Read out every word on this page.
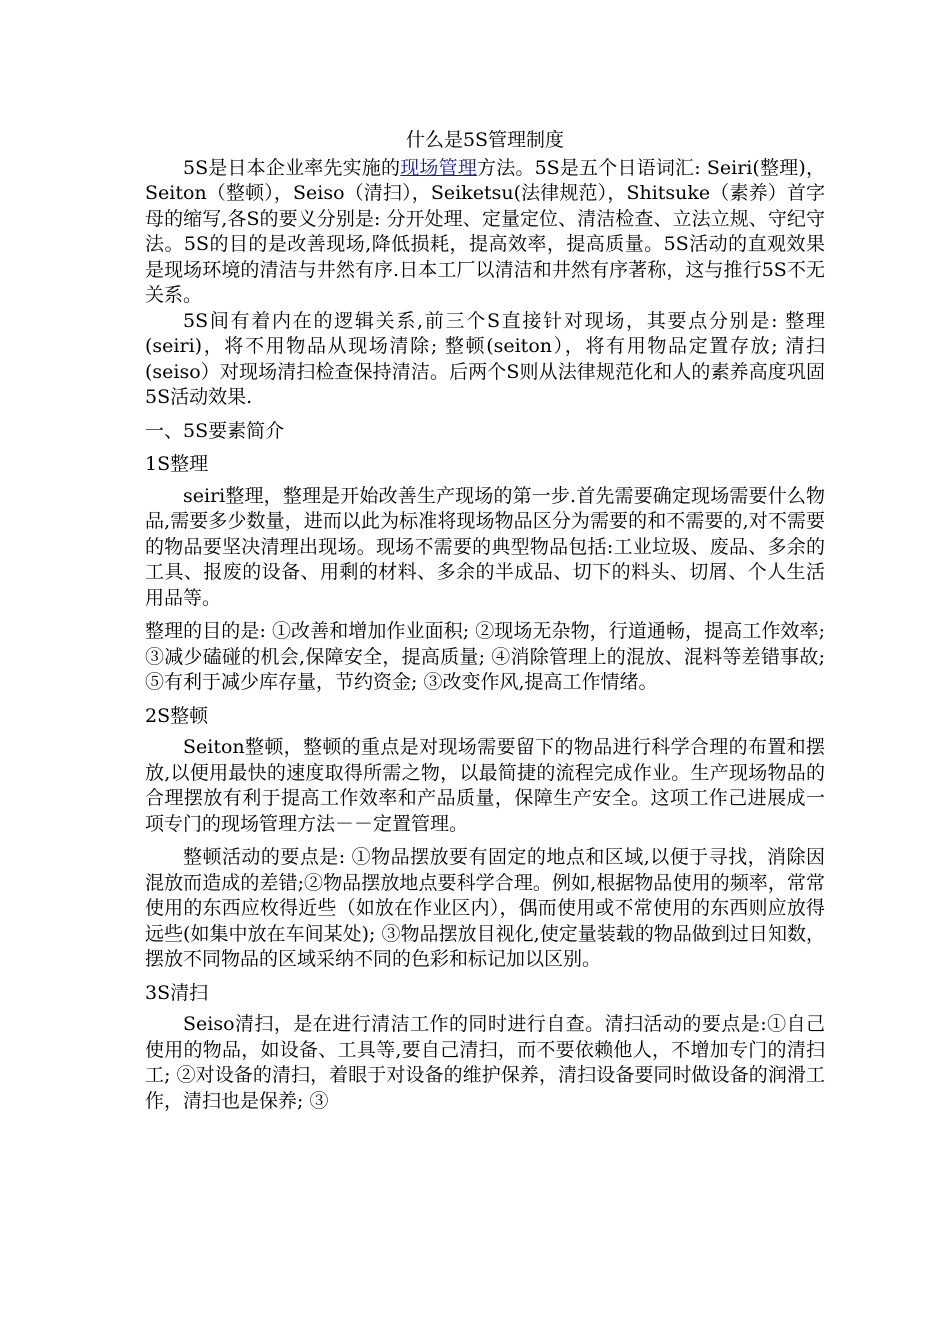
什么是5S管理制度

5S是日本企业率先实施的现场管理方法。5S是五个日语词汇: Seiri(整理)，Seiton（整顿），Seiso（清扫），Seiketsu(法律规范），Shitsuke（素养）首字母的缩写,各S的要义分别是: 分开处理、定量定位、清洁检查、立法立规、守纪守法。5S的目的是改善现场,降低损耗，提高效率，提高质量。5S活动的直观效果是现场环境的清洁与井然有序.日本工厂以清洁和井然有序著称，这与推行5S不无关系。

5S间有着内在的逻辑关系,前三个S直接针对现场，其要点分别是: 整理(seiri)，将不用物品从现场清除; 整顿(seiton），将有用物品定置存放; 清扫(seiso）对现场清扫检查保持清洁。后两个S则从法律规范化和人的素养高度巩固5S活动效果.

一、5S要素简介

1S整理

seiri整理，整理是开始改善生产现场的第一步.首先需要确定现场需要什么物品,需要多少数量，进而以此为标准将现场物品区分为需要的和不需要的,对不需要的物品要坚决清理出现场。现场不需要的典型物品包括:工业垃圾、废品、多余的工具、报废的设备、用剩的材料、多余的半成品、切下的料头、切屑、个人生活用品等。

整理的目的是: ①改善和增加作业面积; ②现场无杂物，行道通畅，提高工作效率; ③减少磕碰的机会,保障安全，提高质量; ④消除管理上的混放、混料等差错事故; ⑤有利于减少库存量，节约资金; ③改变作风,提高工作情绪。

2S整顿

Seiton整顿，整顿的重点是对现场需要留下的物品进行科学合理的布置和摆放,以便用最快的速度取得所需之物，以最简捷的流程完成作业。生产现场物品的合理摆放有利于提高工作效率和产品质量，保障生产安全。这项工作己进展成一项专门的现场管理方法－－定置管理。

整顿活动的要点是: ①物品摆放要有固定的地点和区域,以便于寻找，消除因混放而造成的差错;②物品摆放地点要科学合理。例如,根据物品使用的频率，常常使用的东西应枚得近些（如放在作业区内），偶而使用或不常使用的东西则应放得远些(如集中放在车间某处); ③物品摆放目视化,使定量装载的物品做到过日知数，摆放不同物品的区域采纳不同的色彩和标记加以区别。

3S清扫

Seiso清扫，是在进行清洁工作的同时进行自查。清扫活动的要点是:①自己使用的物品，如设备、工具等,要自己清扫，而不要依赖他人，不增加专门的清扫工; ②对设备的清扫，着眼于对设备的维护保养，清扫设备要同时做设备的润滑工作，清扫也是保养; ③
